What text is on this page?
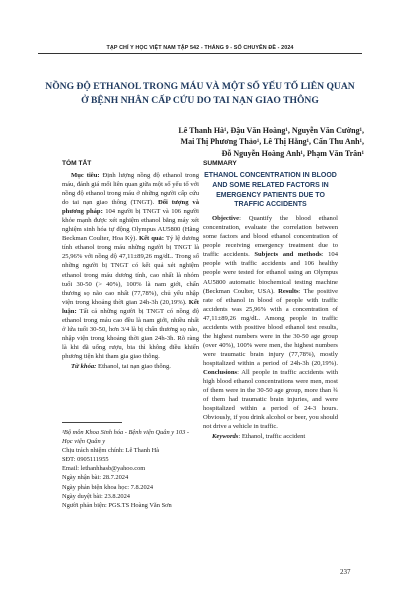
TẠP CHÍ Y HỌC VIỆT NAM TẬP 542 - THÁNG 9 - SỐ CHUYÊN ĐỀ - 2024
NỒNG ĐỘ ETHANOL TRONG MÁU VÀ MỘT SỐ YẾU TỐ LIÊN QUAN
Ở BỆNH NHÂN CẤP CỨU DO TAI NẠN GIAO THÔNG
Lê Thanh Hà¹, Đậu Văn Hoàng¹, Nguyễn Văn Cường¹,
Mai Thị Phương Thảo¹, Lê Thị Hằng¹, Cấn Thu Anh¹,
Đỗ Nguyễn Hoàng Anh¹, Phạm Văn Trân¹
TÓM TẮT

Mục tiêu: Định lượng nồng độ ethanol trong máu, đánh giá mối liên quan giữa một số yếu tố với nồng độ ethanol trong máu ở những người cấp cứu do tai nạn giao thông (TNGT). Đối tượng và phương pháp: 104 người bị TNGT và 106 người khỏe mạnh được xét nghiệm ethanol bằng máy xét nghiệm sinh hóa tự động Olympus AU5800 (Hãng Beckman Coulter, Hoa Kỳ). Kết quả: Tỷ lệ dương tính ethanol trong máu những người bị TNGT là 25,96% với nồng độ 47,11±89,26 mg/dL. Trong số những người bị TNGT có kết quả xét nghiệm ethanol trong máu dương tính, cao nhất là nhóm tuổi 30-50 (> 40%), 100% là nam giới, chấn thương sọ não cao nhất (77,78%), chủ yếu nhập viện trong khoảng thời gian 24h-3h (20,19%). Kết luận: Tất cả những người bị TNGT có nồng độ ethanol trong máu cao đều là nam giới, nhiều nhất ở lứa tuổi 30-50, hơn 3/4 là bị chấn thương sọ não, nhập viện trong khoảng thời gian 24h-3h. Rõ ràng là khi đã uống rượu, bia thì không điều khiển phương tiện khi tham gia giao thông.

Từ khóa: Ethanol, tai nạn giao thông.

SUMMARY
ETHANOL CONCENTRATION IN BLOOD AND SOME RELATED FACTORS IN EMERGENCY PATIENTS DUE TO TRAFFIC ACCIDENTS

Objective: Quantify the blood ethanol concentration, evaluate the correlation between some factors and blood ethanol concentration of people receiving emergency treatment due to traffic accidents. Subjects and methods: 104 people with traffic accidents and 106 healthy people were tested for ethanol using an Olympus AU5800 automatic biochemical testing machine (Beckman Coulter, USA). Results: The positive rate of ethanol in blood of people with traffic accidents was 25,96% with a concentration of 47,11±89,26 mg/dL. Among people in traffic accidents with positive blood ethanol test results, the highest numbers were in the 30-50 age group (over 40%), 100% were men, the highest numbers were traumatic brain injury (77,78%), mostly hospitalized within a period of 24h-3h (20,19%). Conclusions: All people in traffic accidents with high blood ethanol concentrations were men, most of them were in the 30-50 age group, more than ¾ of them had traumatic brain injuries, and were hospitalized within a period of 24-3 hours. Obviously, if you drink alcohol or beer, you should not drive a vehicle in traffic.

Keywords: Ethanol, traffic accident

¹Bộ môn Khoa Sinh hóa - Bệnh viện Quân y 103 - Học viện Quân y
Chịu trách nhiệm chính: Lê Thanh Hà
SĐT: 0905111955
Email: lethanhhasb@yahoo.com
Ngày nhận bài: 28.7.2024
Ngày phản biện khoa học: 7.8.2024
Ngày duyệt bài: 23.8.2024
Người phản biện: PGS.TS Hoàng Văn Sơn
237
